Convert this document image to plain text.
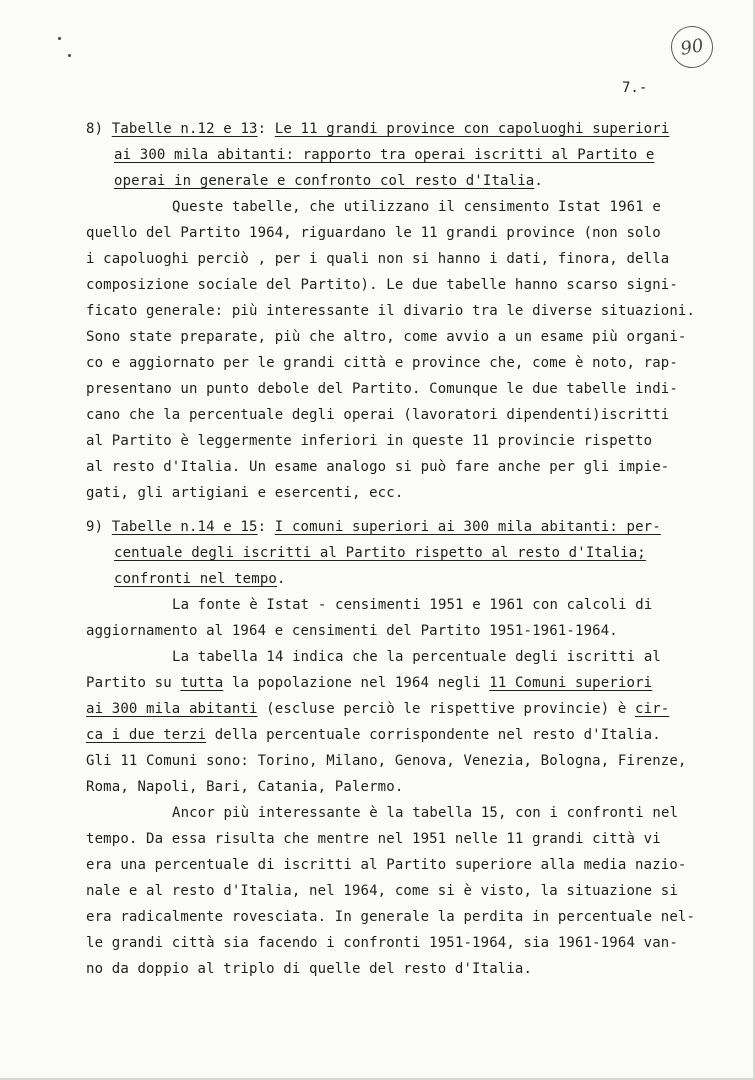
90
7.-
8) Tabelle n.12 e 13: Le 11 grandi province con capoluoghi superiori
ai 300 mila abitanti: rapporto tra operai iscritti al Partito e
operai in generale e confronto col resto d'Italia.
Queste tabelle, che utilizzano il censimento Istat 1961 e
quello del Partito 1964, riguardano le 11 grandi province (non solo
i capoluoghi perciò , per i quali non si hanno i dati, finora, della
composizione sociale del Partito). Le due tabelle hanno scarso signi-
ficato generale: più interessante il divario tra le diverse situazioni.
Sono state preparate, più che altro, come avvio a un esame più organi-
co e aggiornato per le grandi città e province che, come è noto, rap-
presentano un punto debole del Partito. Comunque le due tabelle indi-
cano che la percentuale degli operai (lavoratori dipendenti)iscritti
al Partito è leggermente inferiori in queste 11 provincie rispetto
al resto d'Italia. Un esame analogo si può fare anche per gli impie-
gati, gli artigiani e esercenti, ecc.
9) Tabelle n.14 e 15: I comuni superiori ai 300 mila abitanti: per-
centuale degli iscritti al Partito rispetto al resto d'Italia;
confronti nel tempo.
La fonte è Istat - censimenti 1951 e 1961 con calcoli di
aggiornamento al 1964 e censimenti del Partito 1951-1961-1964.
La tabella 14 indica che la percentuale degli iscritti al
Partito su tutta la popolazione nel 1964 negli 11 Comuni superiori
ai 300 mila abitanti (escluse perciò le rispettive provincie) è cir-
ca i due terzi della percentuale corrispondente nel resto d'Italia.
Gli 11 Comuni sono: Torino, Milano, Genova, Venezia, Bologna, Firenze,
Roma, Napoli, Bari, Catania, Palermo.
Ancor più interessante è la tabella 15, con i confronti nel
tempo. Da essa risulta che mentre nel 1951 nelle 11 grandi città vi
era una percentuale di iscritti al Partito superiore alla media nazio-
nale e al resto d'Italia, nel 1964, come si è visto, la situazione si
era radicalmente rovesciata. In generale la perdita in percentuale nel-
le grandi città sia facendo i confronti 1951-1964, sia 1961-1964 van-
no da doppio al triplo di quelle del resto d'Italia.
